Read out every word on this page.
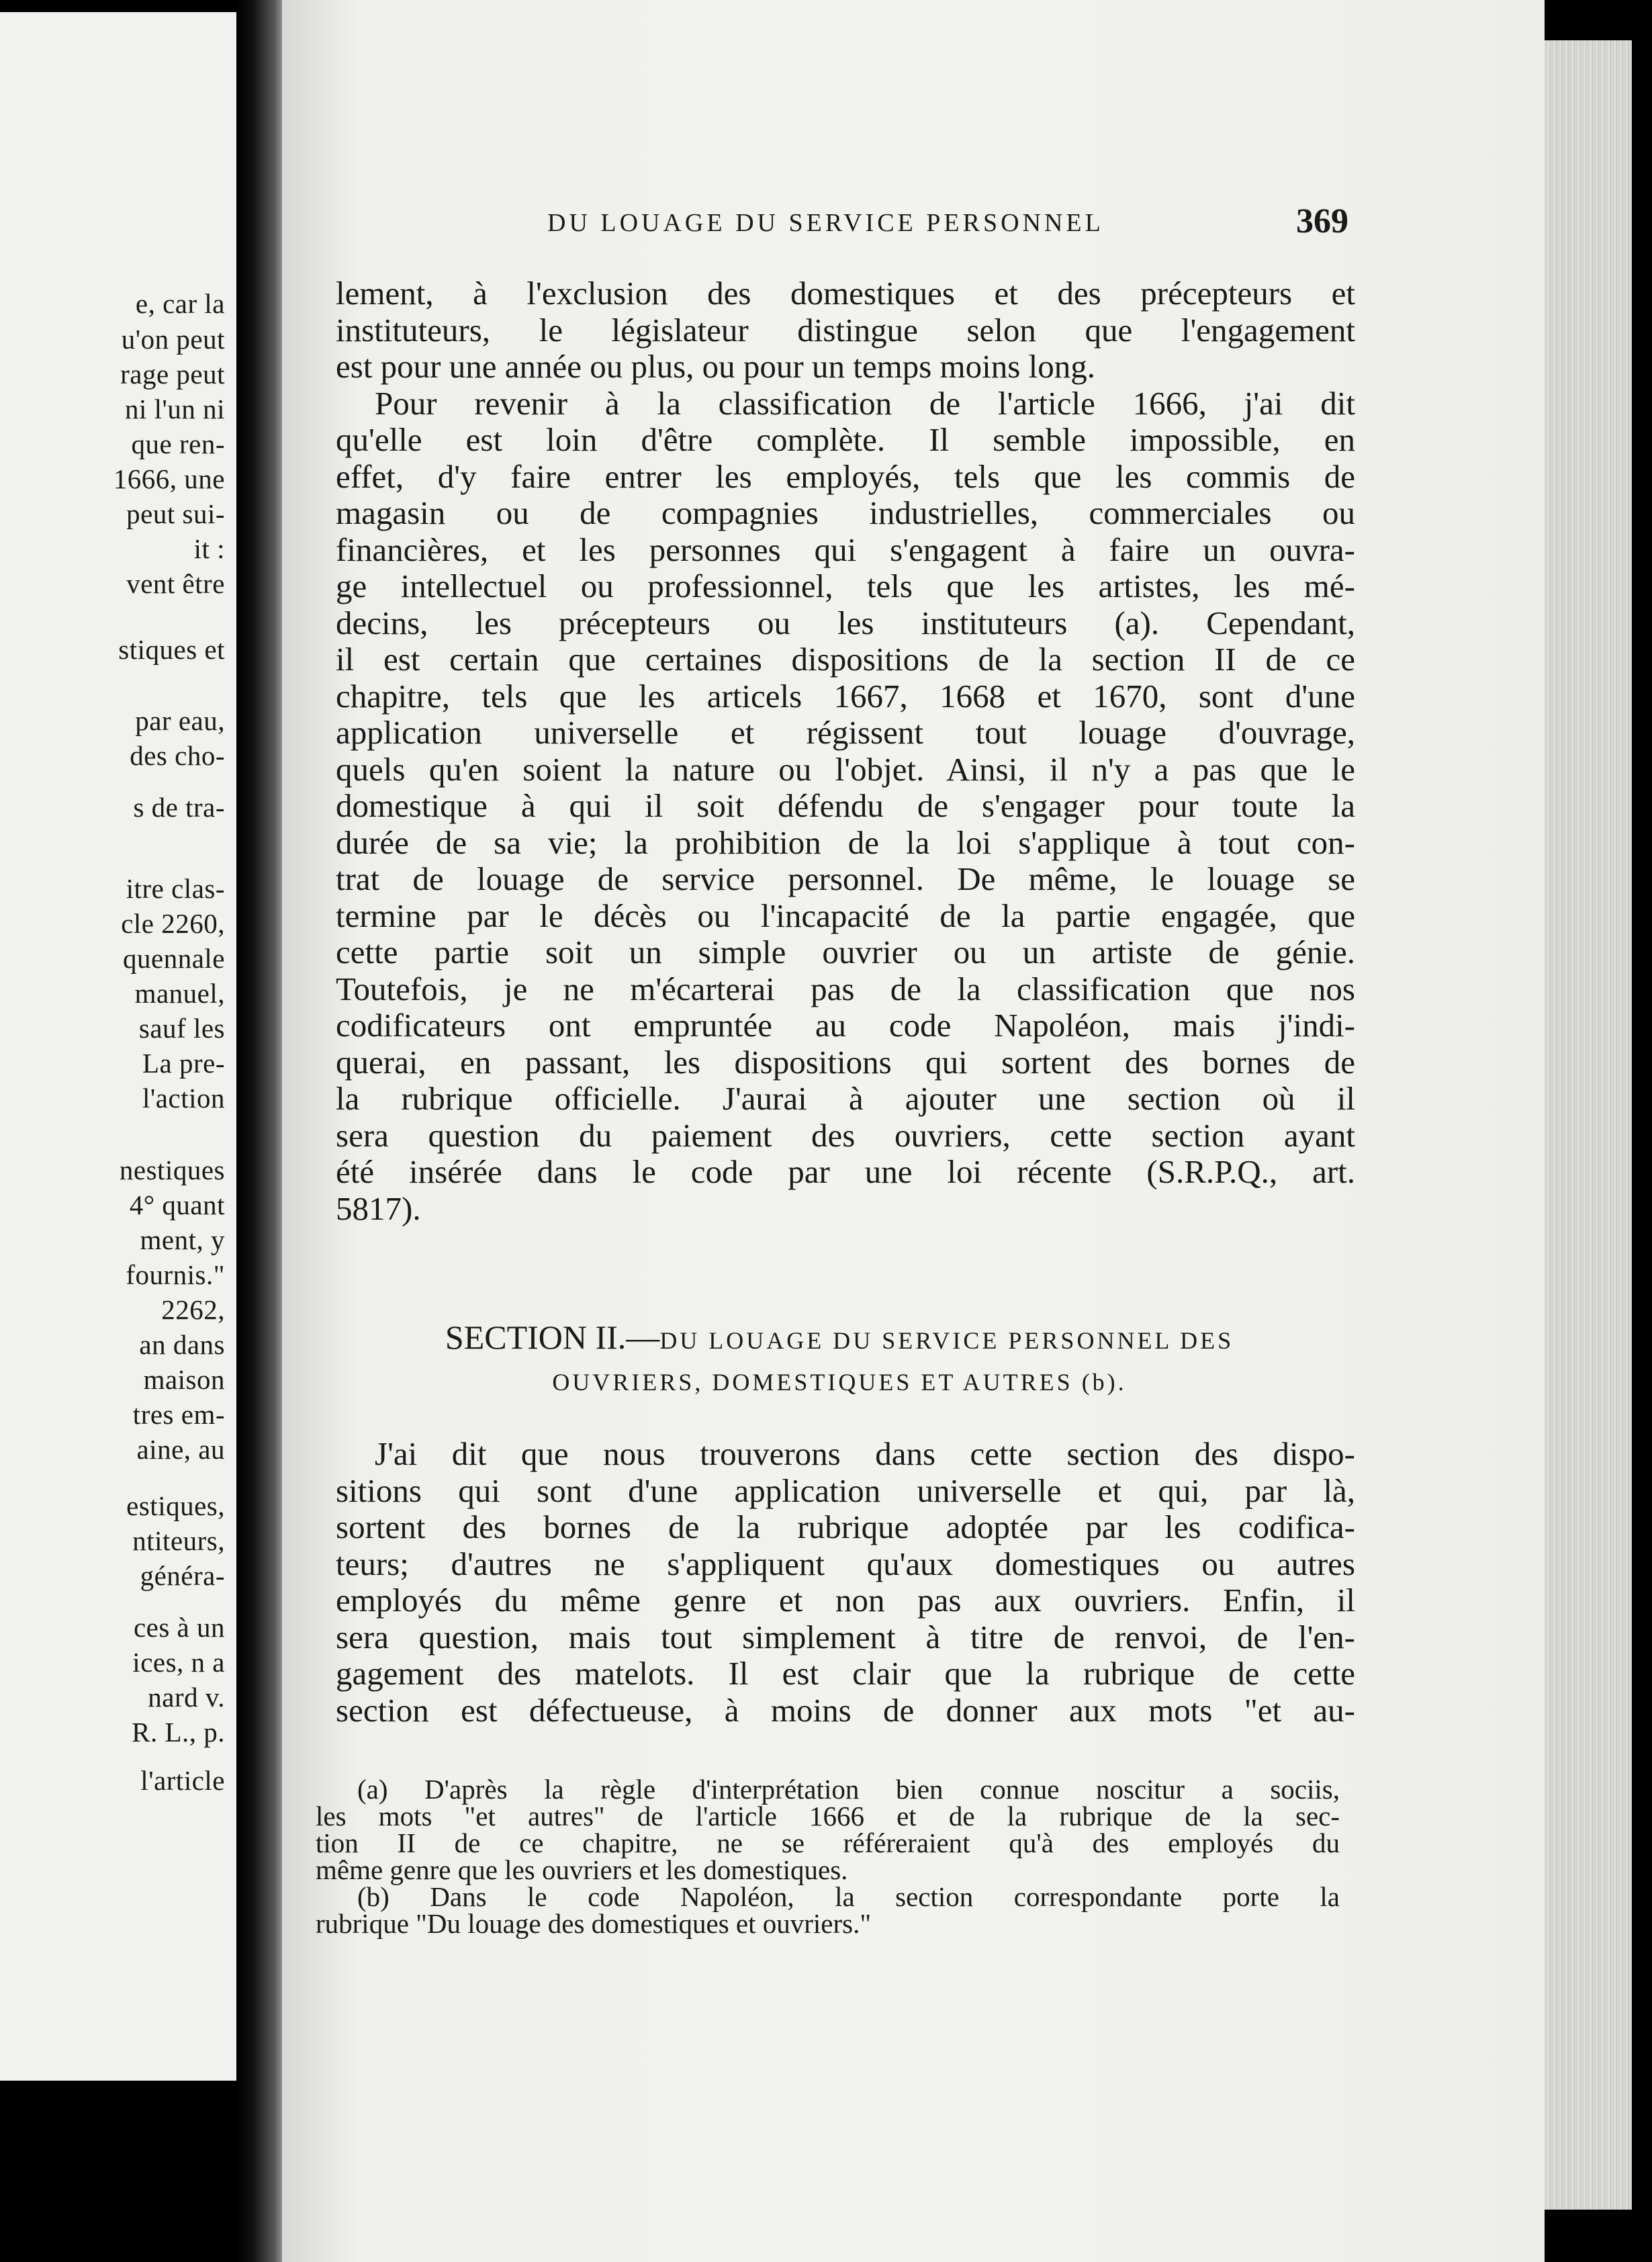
e, car la
u'on peut
rage peut
ni l'un ni
que ren-
1666, une
peut sui-
it :
vent être
stiques et
par eau,
des cho-
s de tra-
itre clas-
cle 2260,
quennale
manuel,
sauf les
La pre-
l'action
nestiques
4° quant
ment, y
fournis."
2262,
an dans
maison
tres em-
aine, au
estiques,
ntiteurs,
généra-
ces à un
ices, n a
nard v.
R. L., p.
l'article
DU LOUAGE DU SERVICE PERSONNEL	369
lement, à l'exclusion des domestiques et des précepteurs et
instituteurs, le législateur distingue selon que l'engagement
est pour une année ou plus, ou pour un temps moins long.
Pour revenir à la classification de l'article 1666, j'ai dit
qu'elle est loin d'être complète. Il semble impossible, en
effet, d'y faire entrer les employés, tels que les commis de
magasin ou de compagnies industrielles, commerciales ou
financières, et les personnes qui s'engagent à faire un ouvra-
ge intellectuel ou professionnel, tels que les artistes, les mé-
decins, les précepteurs ou les instituteurs (a). Cependant,
il est certain que certaines dispositions de la section II de ce
chapitre, tels que les articels 1667, 1668 et 1670, sont d'une
application universelle et régissent tout louage d'ouvrage,
quels qu'en soient la nature ou l'objet. Ainsi, il n'y a pas que le
domestique à qui il soit défendu de s'engager pour toute la
durée de sa vie; la prohibition de la loi s'applique à tout con-
trat de louage de service personnel. De même, le louage se
termine par le décès ou l'incapacité de la partie engagée, que
cette partie soit un simple ouvrier ou un artiste de génie.
Toutefois, je ne m'écarterai pas de la classification que nos
codificateurs ont empruntée au code Napoléon, mais j'indi-
querai, en passant, les dispositions qui sortent des bornes de
la rubrique officielle. J'aurai à ajouter une section où il
sera question du paiement des ouvriers, cette section ayant
été insérée dans le code par une loi récente (S.R.P.Q., art.
5817).
SECTION II.—DU LOUAGE DU SERVICE PERSONNEL DES
OUVRIERS, DOMESTIQUES ET AUTRES (b).
J'ai dit que nous trouverons dans cette section des dispo-
sitions qui sont d'une application universelle et qui, par là,
sortent des bornes de la rubrique adoptée par les codifica-
teurs; d'autres ne s'appliquent qu'aux domestiques ou autres
employés du même genre et non pas aux ouvriers. Enfin, il
sera question, mais tout simplement à titre de renvoi, de l'en-
gagement des matelots. Il est clair que la rubrique de cette
section est défectueuse, à moins de donner aux mots "et au-
(a) D'après la règle d'interprétation bien connue noscitur a sociis,
les mots "et autres" de l'article 1666 et de la rubrique de la sec-
tion II de ce chapitre, ne se référeraient qu'à des employés du
même genre que les ouvriers et les domestiques.
(b) Dans le code Napoléon, la section correspondante porte la
rubrique "Du louage des domestiques et ouvriers."
